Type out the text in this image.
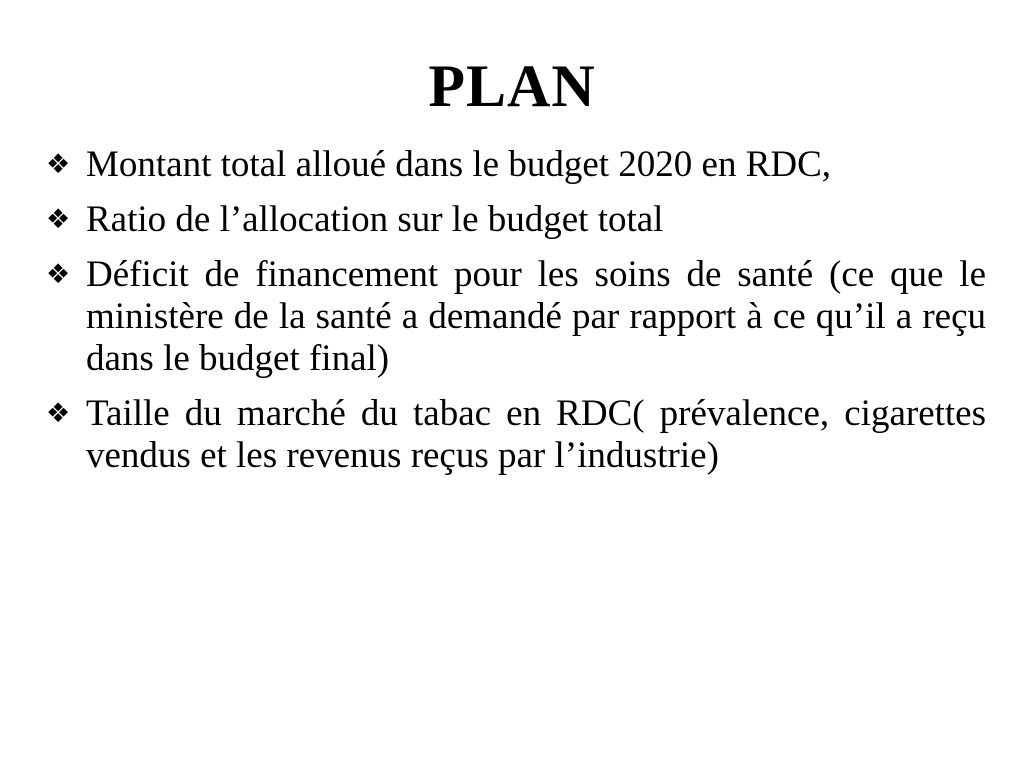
PLAN
❖ Montant total alloué dans le budget 2020 en RDC,
❖ Ratio de l’allocation sur le budget total
❖ Déficit de financement pour les soins de santé (ce que le ministère de la santé a demandé par rapport à ce qu’il a reçu dans le budget final)
❖ Taille du marché du tabac en RDC( prévalence, cigarettes vendus et les revenus reçus par l’industrie)
